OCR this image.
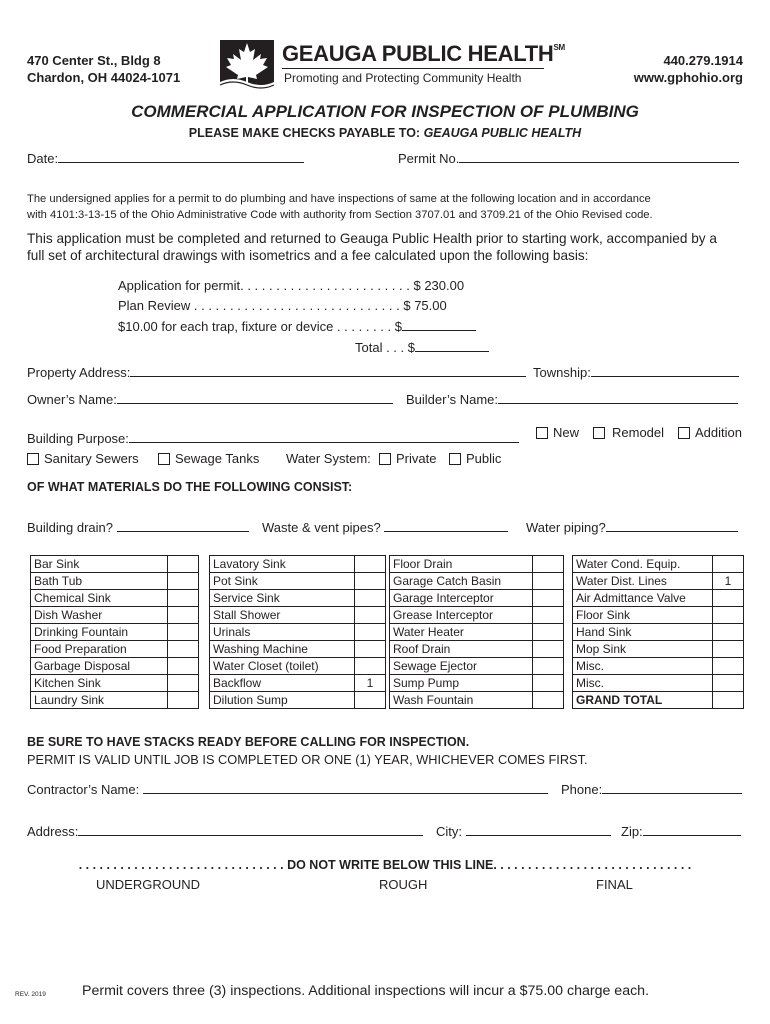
470 Center St., Bldg 8
Chardon, OH 44024-1071
GEAUGA PUBLIC HEALTH℠
Promoting and Protecting Community Health
440.279.1914
www.gphohio.org
COMMERCIAL APPLICATION FOR INSPECTION OF PLUMBING
PLEASE MAKE CHECKS PAYABLE TO: GEAUGA PUBLIC HEALTH
Date:	Permit No.
The undersigned applies for a permit to do plumbing and have inspections of same at the following location and in accordance
with 4101:3-13-15 of the Ohio Administrative Code with authority from Section 3707.01 and 3709.21 of the Ohio Revised code.
This application must be completed and returned to Geauga Public Health prior to starting work, accompanied by a
full set of architectural drawings with isometrics and a fee calculated upon the following basis:
Application for permit. . . . . . . . . . . . . . . . . . . . . . . . $ 230.00
Plan Review . . . . . . . . . . . . . . . . . . . . . . . . . . . . . $ 75.00
$10.00 for each trap, fixture or device . . . . . . . . $
Total . . . $
Property Address:	Township:
Owner’s Name:	Builder’s Name:
Building Purpose:	New	Remodel	Addition
Sanitary Sewers	Sewage Tanks Water System:	Private	Public
OF WHAT MATERIALS DO THE FOLLOWING CONSIST:
Building drain?	Waste & vent pipes?	Water piping?
Bar Sink	
Bath Tub	
Chemical Sink	
Dish Washer	
Drinking Fountain	
Food Preparation	
Garbage Disposal	
Kitchen Sink	
Laundry Sink	
Lavatory Sink	
Pot Sink	
Service Sink	
Stall Shower	
Urinals	
Washing Machine	
Water Closet (toilet)	
Backflow	1
Dilution Sump	
Floor Drain	
Garage Catch Basin	
Garage Interceptor	
Grease Interceptor	
Water Heater	
Roof Drain	
Sewage Ejector	
Sump Pump	
Wash Fountain	
Water Cond. Equip.	
Water Dist. Lines	1
Air Admittance Valve	
Floor Sink	
Hand Sink	
Mop Sink	
Misc.	
Misc.	
GRAND TOTAL	
BE SURE TO HAVE STACKS READY BEFORE CALLING FOR INSPECTION.
PERMIT IS VALID UNTIL JOB IS COMPLETED OR ONE (1) YEAR, WHICHEVER COMES FIRST.
Contractor’s Name:	Phone:
Address:	City:	Zip:
. . . . . . . . . . . . . . . . . . . . . . . . . . . . . . DO NOT WRITE BELOW THIS LINE. . . . . . . . . . . . . . . . . . . . . . . . . . . . .
UNDERGROUND	ROUGH	FINAL
REV. 2019	Permit covers three (3) inspections. Additional inspections will incur a $75.00 charge each.
